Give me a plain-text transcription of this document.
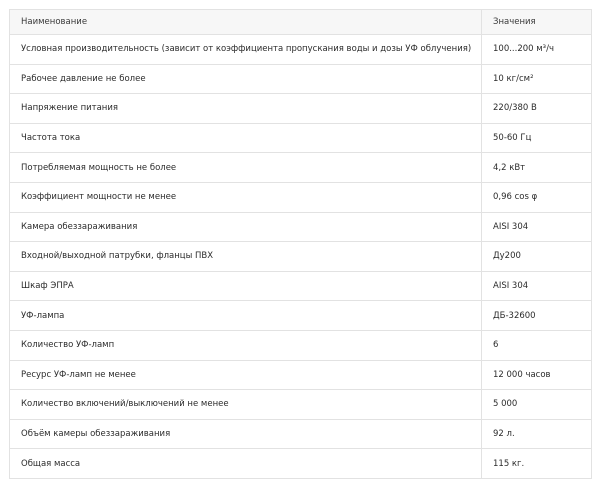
Наименование	Значения
Условная производительность (зависит от коэффициента пропускания воды и дозы УФ облучения)	100...200 м³/ч
Рабочее давление не более	10 кг/см²
Напряжение питания	220/380 В
Частота тока	50-60 Гц
Потребляемая мощность не более	4,2 кВт
Коэффициент мощности не менее	0,96 cos φ
Камера обеззараживания	AISI 304
Входной/выходной патрубки, фланцы ПВХ	Ду200
Шкаф ЭПРА	AISI 304
УФ-лампа	ДБ-32600
Количество УФ-ламп	6
Ресурс УФ-ламп не менее	12 000 часов
Количество включений/выключений не менее	5 000
Объём камеры обеззараживания	92 л.
Общая масса	115 кг.
